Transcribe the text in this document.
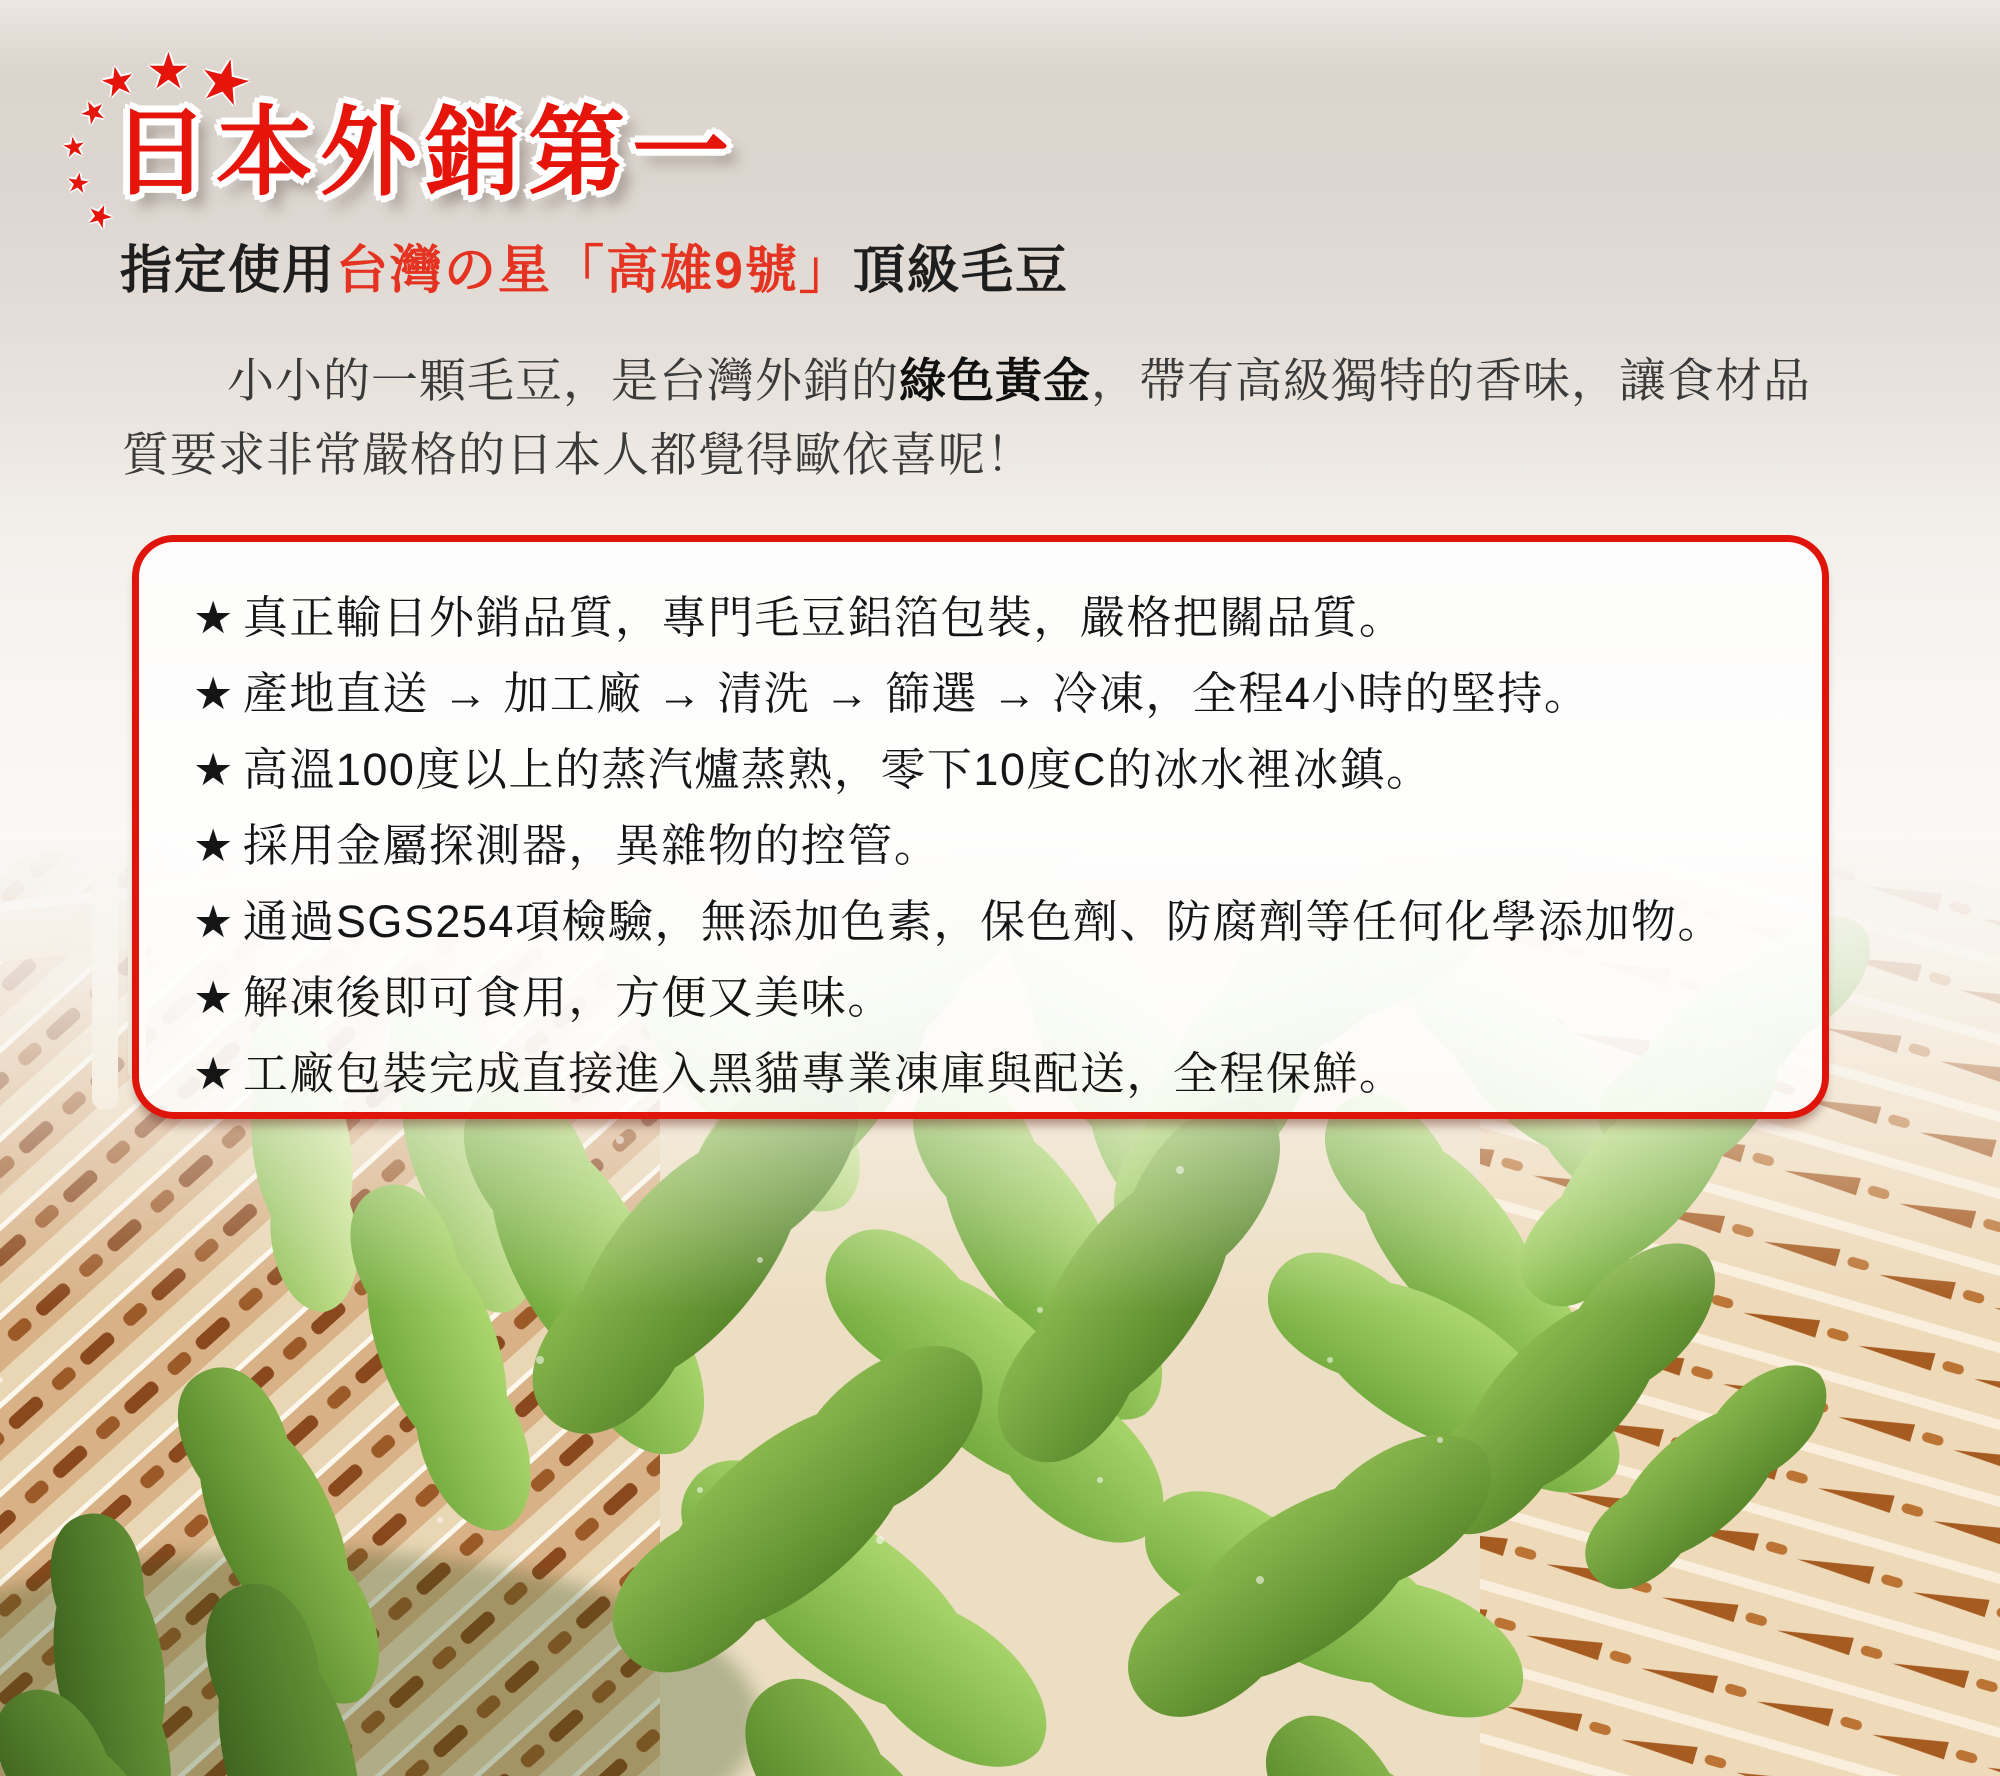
★ ★ ★
★
★
★
★
日本外銷第一
指定使用台灣の星「高雄9號」頂級毛豆

小小的一顆毛豆，是台灣外銷的綠色黃金，帶有高級獨特的香味，讓食材品質要求非常嚴格的日本人都覺得歐依喜呢！

★ 真正輸日外銷品質，專門毛豆鋁箔包裝，嚴格把關品質。
★ 產地直送 → 加工廠 → 清洗 → 篩選 → 冷凍，全程4小時的堅持。
★ 高溫100度以上的蒸汽爐蒸熟，零下10度C的冰水裡冰鎮。
★ 採用金屬探測器，異雜物的控管。
★ 通過SGS254項檢驗，無添加色素，保色劑、防腐劑等任何化學添加物。
★ 解凍後即可食用，方便又美味。
★ 工廠包裝完成直接進入黑貓專業凍庫與配送，全程保鮮。
